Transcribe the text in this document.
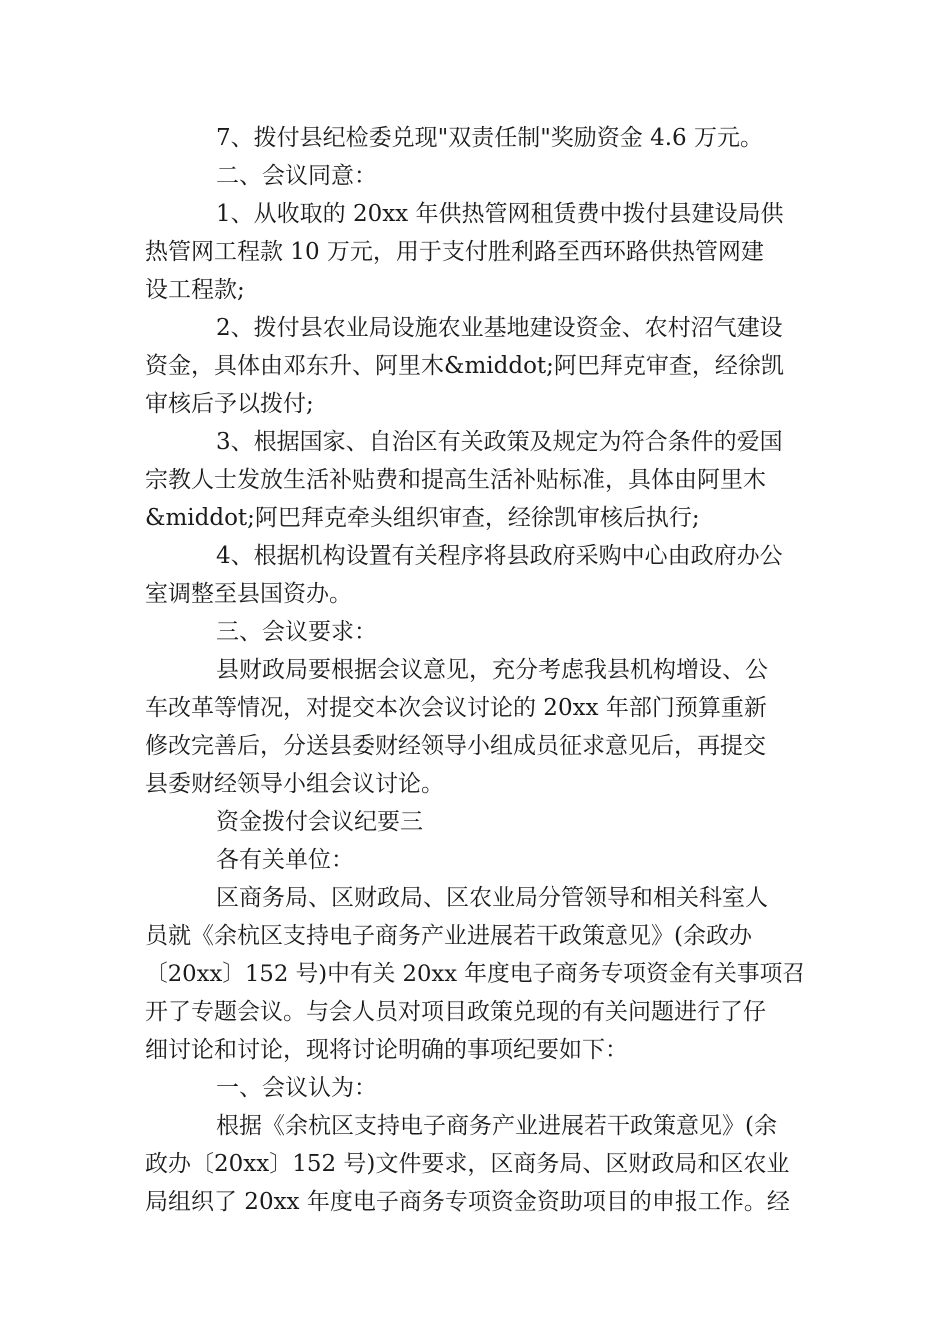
7、拨付县纪检委兑现"双责任制"奖励资金 4.6 万元。
二、会议同意：
1、从收取的 20xx 年供热管网租赁费中拨付县建设局供
热管网工程款 10 万元，用于支付胜利路至西环路供热管网建
设工程款;
2、拨付县农业局设施农业基地建设资金、农村沼气建设
资金，具体由邓东升、阿里木&middot;阿巴拜克审查，经徐凯
审核后予以拨付;
3、根据国家、自治区有关政策及规定为符合条件的爱国
宗教人士发放生活补贴费和提高生活补贴标准，具体由阿里木
&middot;阿巴拜克牵头组织审查，经徐凯审核后执行;
4、根据机构设置有关程序将县政府采购中心由政府办公
室调整至县国资办。
三、会议要求：
县财政局要根据会议意见，充分考虑我县机构增设、公
车改革等情况，对提交本次会议讨论的 20xx 年部门预算重新
修改完善后，分送县委财经领导小组成员征求意见后，再提交
县委财经领导小组会议讨论。
资金拨付会议纪要三
各有关单位：
区商务局、区财政局、区农业局分管领导和相关科室人
员就《余杭区支持电子商务产业进展若干政策意见》(余政办
〔20xx〕152 号)中有关 20xx 年度电子商务专项资金有关事项召
开了专题会议。与会人员对项目政策兑现的有关问题进行了仔
细讨论和讨论，现将讨论明确的事项纪要如下：
一、会议认为：
根据《余杭区支持电子商务产业进展若干政策意见》(余
政办〔20xx〕152 号)文件要求，区商务局、区财政局和区农业
局组织了 20xx 年度电子商务专项资金资助项目的申报工作。经
